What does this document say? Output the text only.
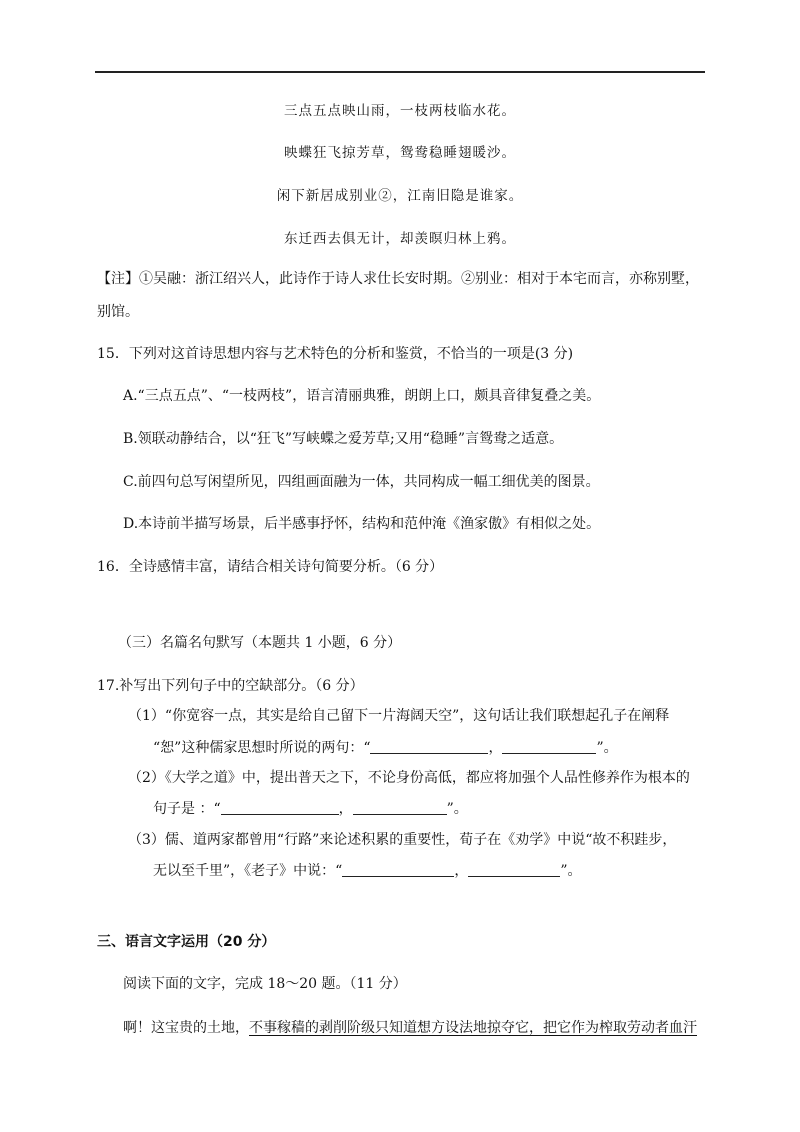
三点五点映山雨，一枝两枝临水花。
映蝶狂飞掠芳草，鸳鸯稳睡翅暖沙。
闲下新居成别业②，江南旧隐是谁家。
东迁西去俱无计，却羡暝归林上鸦。
【注】①吴融：浙江绍兴人，此诗作于诗人求仕长安时期。②别业：相对于本宅而言，亦称别墅，
别馆。
15．下列对这首诗思想内容与艺术特色的分析和鉴赏，不恰当的一项是(3 分)
A.“三点五点”、“一枝两枝”，语言清丽典雅，朗朗上口，颇具音律复叠之美。
B.领联动静结合，以“狂飞”写峡蝶之爱芳草;又用“稳睡”言鸳鸯之适意。
C.前四句总写闲望所见，四组画面融为一体，共同构成一幅工细优美的图景。
D.本诗前半描写场景，后半感事抒怀，结构和范仲淹《渔家傲》有相似之处。
16．全诗感情丰富，请结合相关诗句简要分析。（6 分）
（三）名篇名句默写（本题共 1 小题，6 分）
17.补写出下列句子中的空缺部分。（6 分）
（1）“你宽容一点，其实是给自己留下一片海阔天空”，这句话让我们联想起孔子在阐释
“恕”这种儒家思想时所说的两句：“	，	”。
（2）《大学之道》中，提出普天之下，不论身份高低，都应将加强个人品性修养作为根本的
句子是 ：“	，	”。
（3）儒、道两家都曾用“行路”来论述积累的重要性，荀子在《劝学》中说“故不积跬步，
无以至千里”，《老子》中说：“	，	”。
三、语言文字运用（20 分）
阅读下面的文字，完成 18～20 题。（11 分）
啊！这宝贵的土地，不事稼穑的剥削阶级只知道想方设法地掠夺它，把它作为榨取劳动者血汗
